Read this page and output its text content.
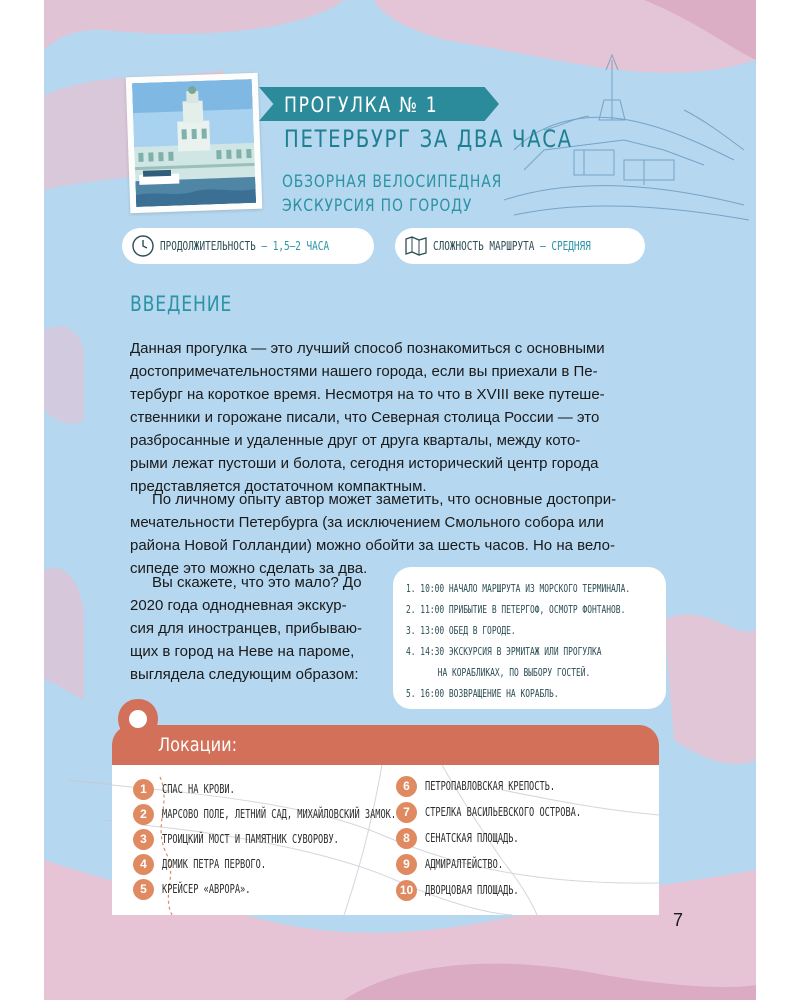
ПРОГУЛКА № 1
ПЕТЕРБУРГ ЗА ДВА ЧАСА
ОБЗОРНАЯ ВЕЛОСИПЕДНАЯ
ЭКСКУРСИЯ ПО ГОРОДУ
ПРОДОЛЖИТЕЛЬНОСТЬ – 1,5–2 ЧАСА	СЛОЖНОСТЬ МАРШРУТА – СРЕДНЯЯ
ВВЕДЕНИЕ
Данная прогулка — это лучший способ познакомиться с основными
достопримечательностями нашего города, если вы приехали в Пе-
тербург на короткое время. Несмотря на то что в XVIII веке путеше-
ственники и горожане писали, что Северная столица России — это
разбросанные и удаленные друг от друга кварталы, между кото-
рыми лежат пустоши и болота, сегодня исторический центр города
представляется достаточном компактным.
По личному опыту автор может заметить, что основные достопри-
мечательности Петербурга (за исключением Смольного собора или
района Новой Голландии) можно обойти за шесть часов. Но на вело-
сипеде это можно сделать за два.
Вы скажете, что это мало? До
2020 года однодневная экскур-
сия для иностранцев, прибываю-
щих в город на Неве на пароме,
выглядела следующим образом:
1. 10:00 НАЧАЛО МАРШРУТА ИЗ МОРСКОГО ТЕРМИНАЛА.
2. 11:00 ПРИБЫТИЕ В ПЕТЕРГОФ, ОСМОТР ФОНТАНОВ.
3. 13:00 ОБЕД В ГОРОДЕ.
4. 14:30 ЭКСКУРСИЯ В ЭРМИТАЖ ИЛИ ПРОГУЛКА
НА КОРАБЛИКАХ, ПО ВЫБОРУ ГОСТЕЙ.
5. 16:00 ВОЗВРАЩЕНИЕ НА КОРАБЛЬ.
Локации:
1	СПАС НА КРОВИ.
2	МАРСОВО ПОЛЕ, ЛЕТНИЙ САД, МИХАЙЛОВСКИЙ ЗАМОК.
3	ТРОИЦКИЙ МОСТ И ПАМЯТНИК СУВОРОВУ.
4	ДОМИК ПЕТРА ПЕРВОГО.
5	КРЕЙСЕР «АВРОРА».
6	ПЕТРОПАВЛОВСКАЯ КРЕПОСТЬ.
7	СТРЕЛКА ВАСИЛЬЕВСКОГО ОСТРОВА.
8	СЕНАТСКАЯ ПЛОЩАДЬ.
9	АДМИРАЛТЕЙСТВО.
10 ДВОРЦОВАЯ ПЛОЩАДЬ.
7
